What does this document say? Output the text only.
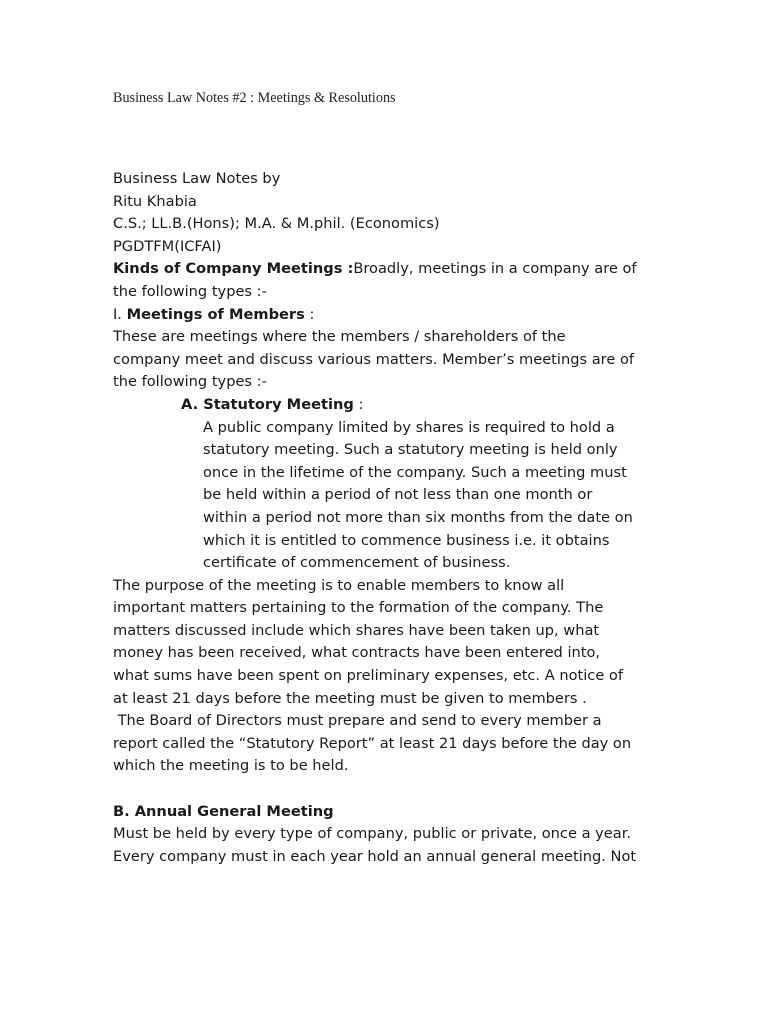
Business Law Notes #2 : Meetings & Resolutions
Business Law Notes by
Ritu Khabia
C.S.; LL.B.(Hons); M.A. & M.phil. (Economics)
PGDTFM(ICFAI)
Kinds of Company Meetings :Broadly, meetings in a company are of
the following types :-
I. Meetings of Members :
These are meetings where the members / shareholders of the
company meet and discuss various matters. Member’s meetings are of
the following types :-
A. Statutory Meeting :
A public company limited by shares is required to hold a
statutory meeting. Such a statutory meeting is held only
once in the lifetime of the company. Such a meeting must
be held within a period of not less than one month or
within a period not more than six months from the date on
which it is entitled to commence business i.e. it obtains
certificate of commencement of business.
The purpose of the meeting is to enable members to know all
important matters pertaining to the formation of the company. The
matters discussed include which shares have been taken up, what
money has been received, what contracts have been entered into,
what sums have been spent on preliminary expenses, etc. A notice of
at least 21 days before the meeting must be given to members .
The Board of Directors must prepare and send to every member a
report called the “Statutory Report” at least 21 days before the day on
which the meeting is to be held.
B. Annual General Meeting
Must be held by every type of company, public or private, once a year.
Every company must in each year hold an annual general meeting. Not
